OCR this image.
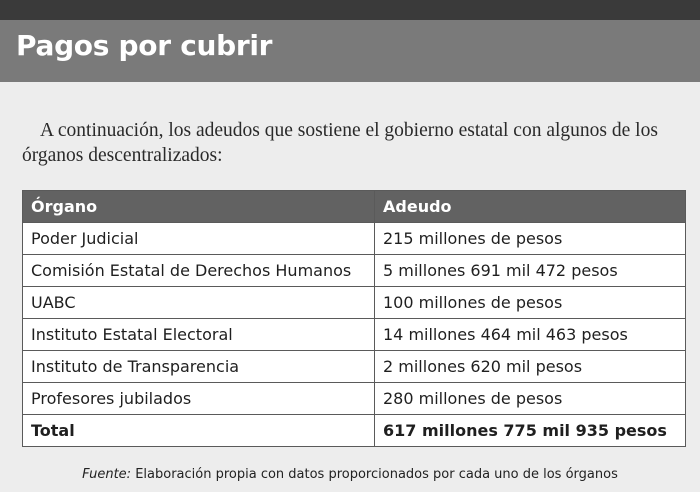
Pagos por cubrir

A continuación, los adeudos que sostiene el gobierno estatal con algunos de los órganos descentralizados:

Órgano	Adeudo
Poder Judicial	215 millones de pesos
Comisión Estatal de Derechos Humanos	5 millones 691 mil 472 pesos
UABC	100 millones de pesos
Instituto Estatal Electoral	14 millones 464 mil 463 pesos
Instituto de Transparencia	2 millones 620 mil pesos
Profesores jubilados	280 millones de pesos
Total	617 millones 775 mil 935 pesos

Fuente: Elaboración propia con datos proporcionados por cada uno de los órganos
